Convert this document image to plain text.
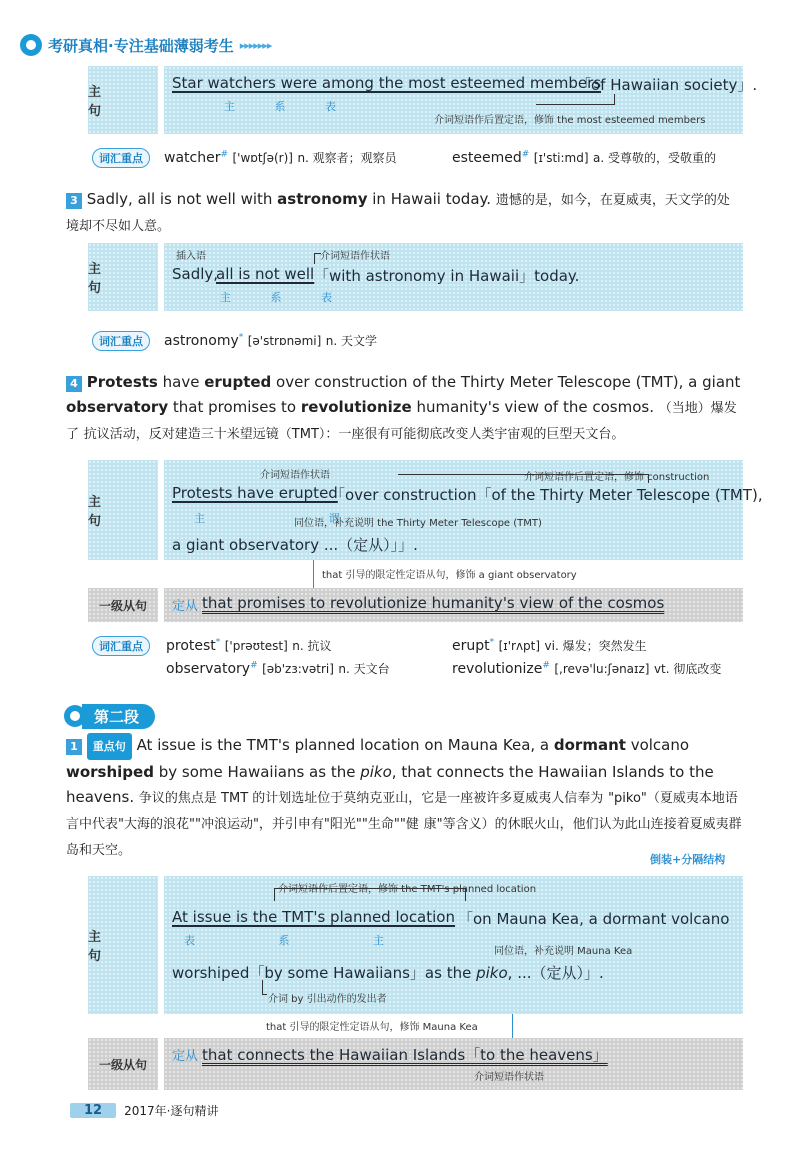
考研真相·专注基础薄弱考生 ▸▸▸▸▸▸▸
主 句
Star watchers were among the most esteemed members
「of Hawaiian society」.
主 系 表
介词短语作后置定语，修饰 the most esteemed members
词汇重点 watcher# ['wɒtʃə(r)] n. 观察者；观察员	esteemed# [ɪ'sti:md] a. 受尊敬的，受敬重的
3 Sadly, all is not well with astronomy in Hawaii today. 遗憾的是，如今，在夏威夷，天文学的处境却不尽如人意。
主 句
插入语	介词短语作状语
Sadly,
all is not well 「with astronomy in Hawaii」today.
主 系 表
词汇重点 astronomy* [ə'strɒnəmi] n. 天文学
4 Protests have erupted over construction of the Thirty Meter Telescope (TMT), a giant observatory that promises to revolutionize humanity's view of the cosmos. （当地）爆发了 抗议活动，反对建造三十米望远镜（TMT）：一座很有可能彻底改变人类宇宙观的巨型天文台。
主 句
介词短语作状语	介词短语作后置定语，修饰 construction
Protests have erupted
「over construction「of the Thirty Meter Telescope (TMT),
主 谓
同位语，补充说明 the Thirty Meter Telescope (TMT)
a giant observatory ...（定从）」」.
that 引导的限定性定语从句，修饰 a giant observatory
一级从句	定从 that promises to revolutionize humanity's view of the cosmos
词汇重点 protest* ['prəʊtest] n. 抗议	erupt* [ɪ'rʌpt] vi. 爆发；突然发生
observatory# [əb'zɜ:vətri] n. 天文台	revolutionize# [,revə'lu:ʃənaɪz] vt. 彻底改变
第二段
1 重点句 At issue is the TMT's planned location on Mauna Kea, a dormant volcano worshiped by some Hawaiians as the piko, that connects the Hawaiian Islands to the heavens. 争议的焦点是 TMT 的计划选址位于莫纳克亚山，它是一座被许多夏威夷人信奉为 "piko"（夏威夷本地语言中代表"大海的浪花""冲浪运动"，并引申有"阳光""生命""健 康"等含义）的休眠火山，他们认为此山连接着夏威夷群岛和天空。
倒装+分隔结构
主 句
介词短语作后置定语，修饰 the TMT's planned location
At issue is the TMT's planned location 「on Mauna Kea, a dormant volcano
表 系 主
同位语，补充说明 Mauna Kea
worshiped「by some Hawaiians」as the piko, ...（定从）」.
介词 by 引出动作的发出者
that 引导的限定性定语从句，修饰 Mauna Kea
一级从句
定从 that connects the Hawaiian Islands「to the heavens」
介词短语作状语
12	2017年·逐句精讲
